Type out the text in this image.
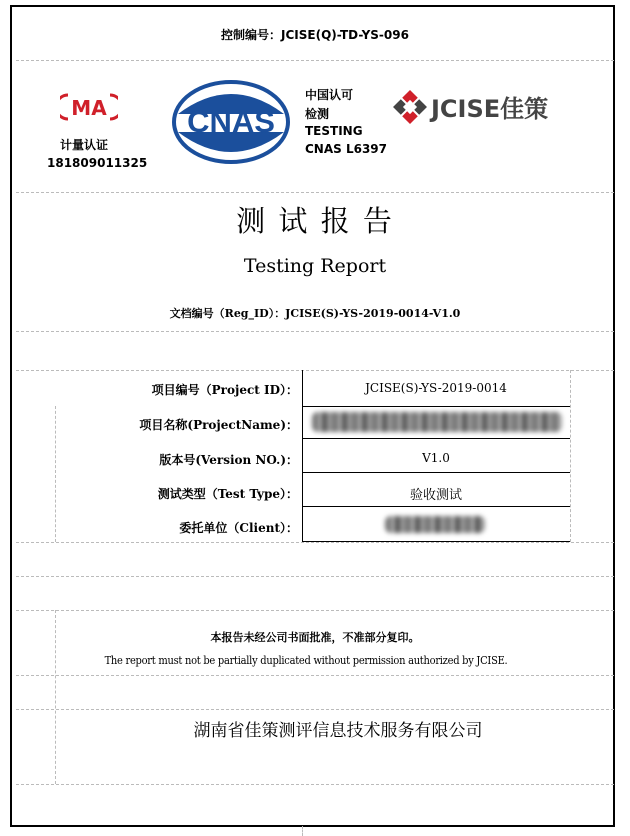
控制编号：JCISE(Q)-TD-YS-096
MA
计量认证
181809011325
CNAS
中国认可
检测
TESTING
CNAS L6397
JCISE佳策
测 试 报 告
Testing Report
文档编号（Reg_ID）：JCISE(S)-YS-2019-0014-V1.0
项目编号（Project ID）：	JCISE(S)-YS-2019-0014
项目名称(ProjectName)：
版本号(Version NO.)：	V1.0
测试类型（Test Type）：	验收测试
委托单位（Client）：
本报告未经公司书面批准，不准部分复印。
The report must not be partially duplicated without permission authorized by JCISE.
湖南省佳策测评信息技术服务有限公司
